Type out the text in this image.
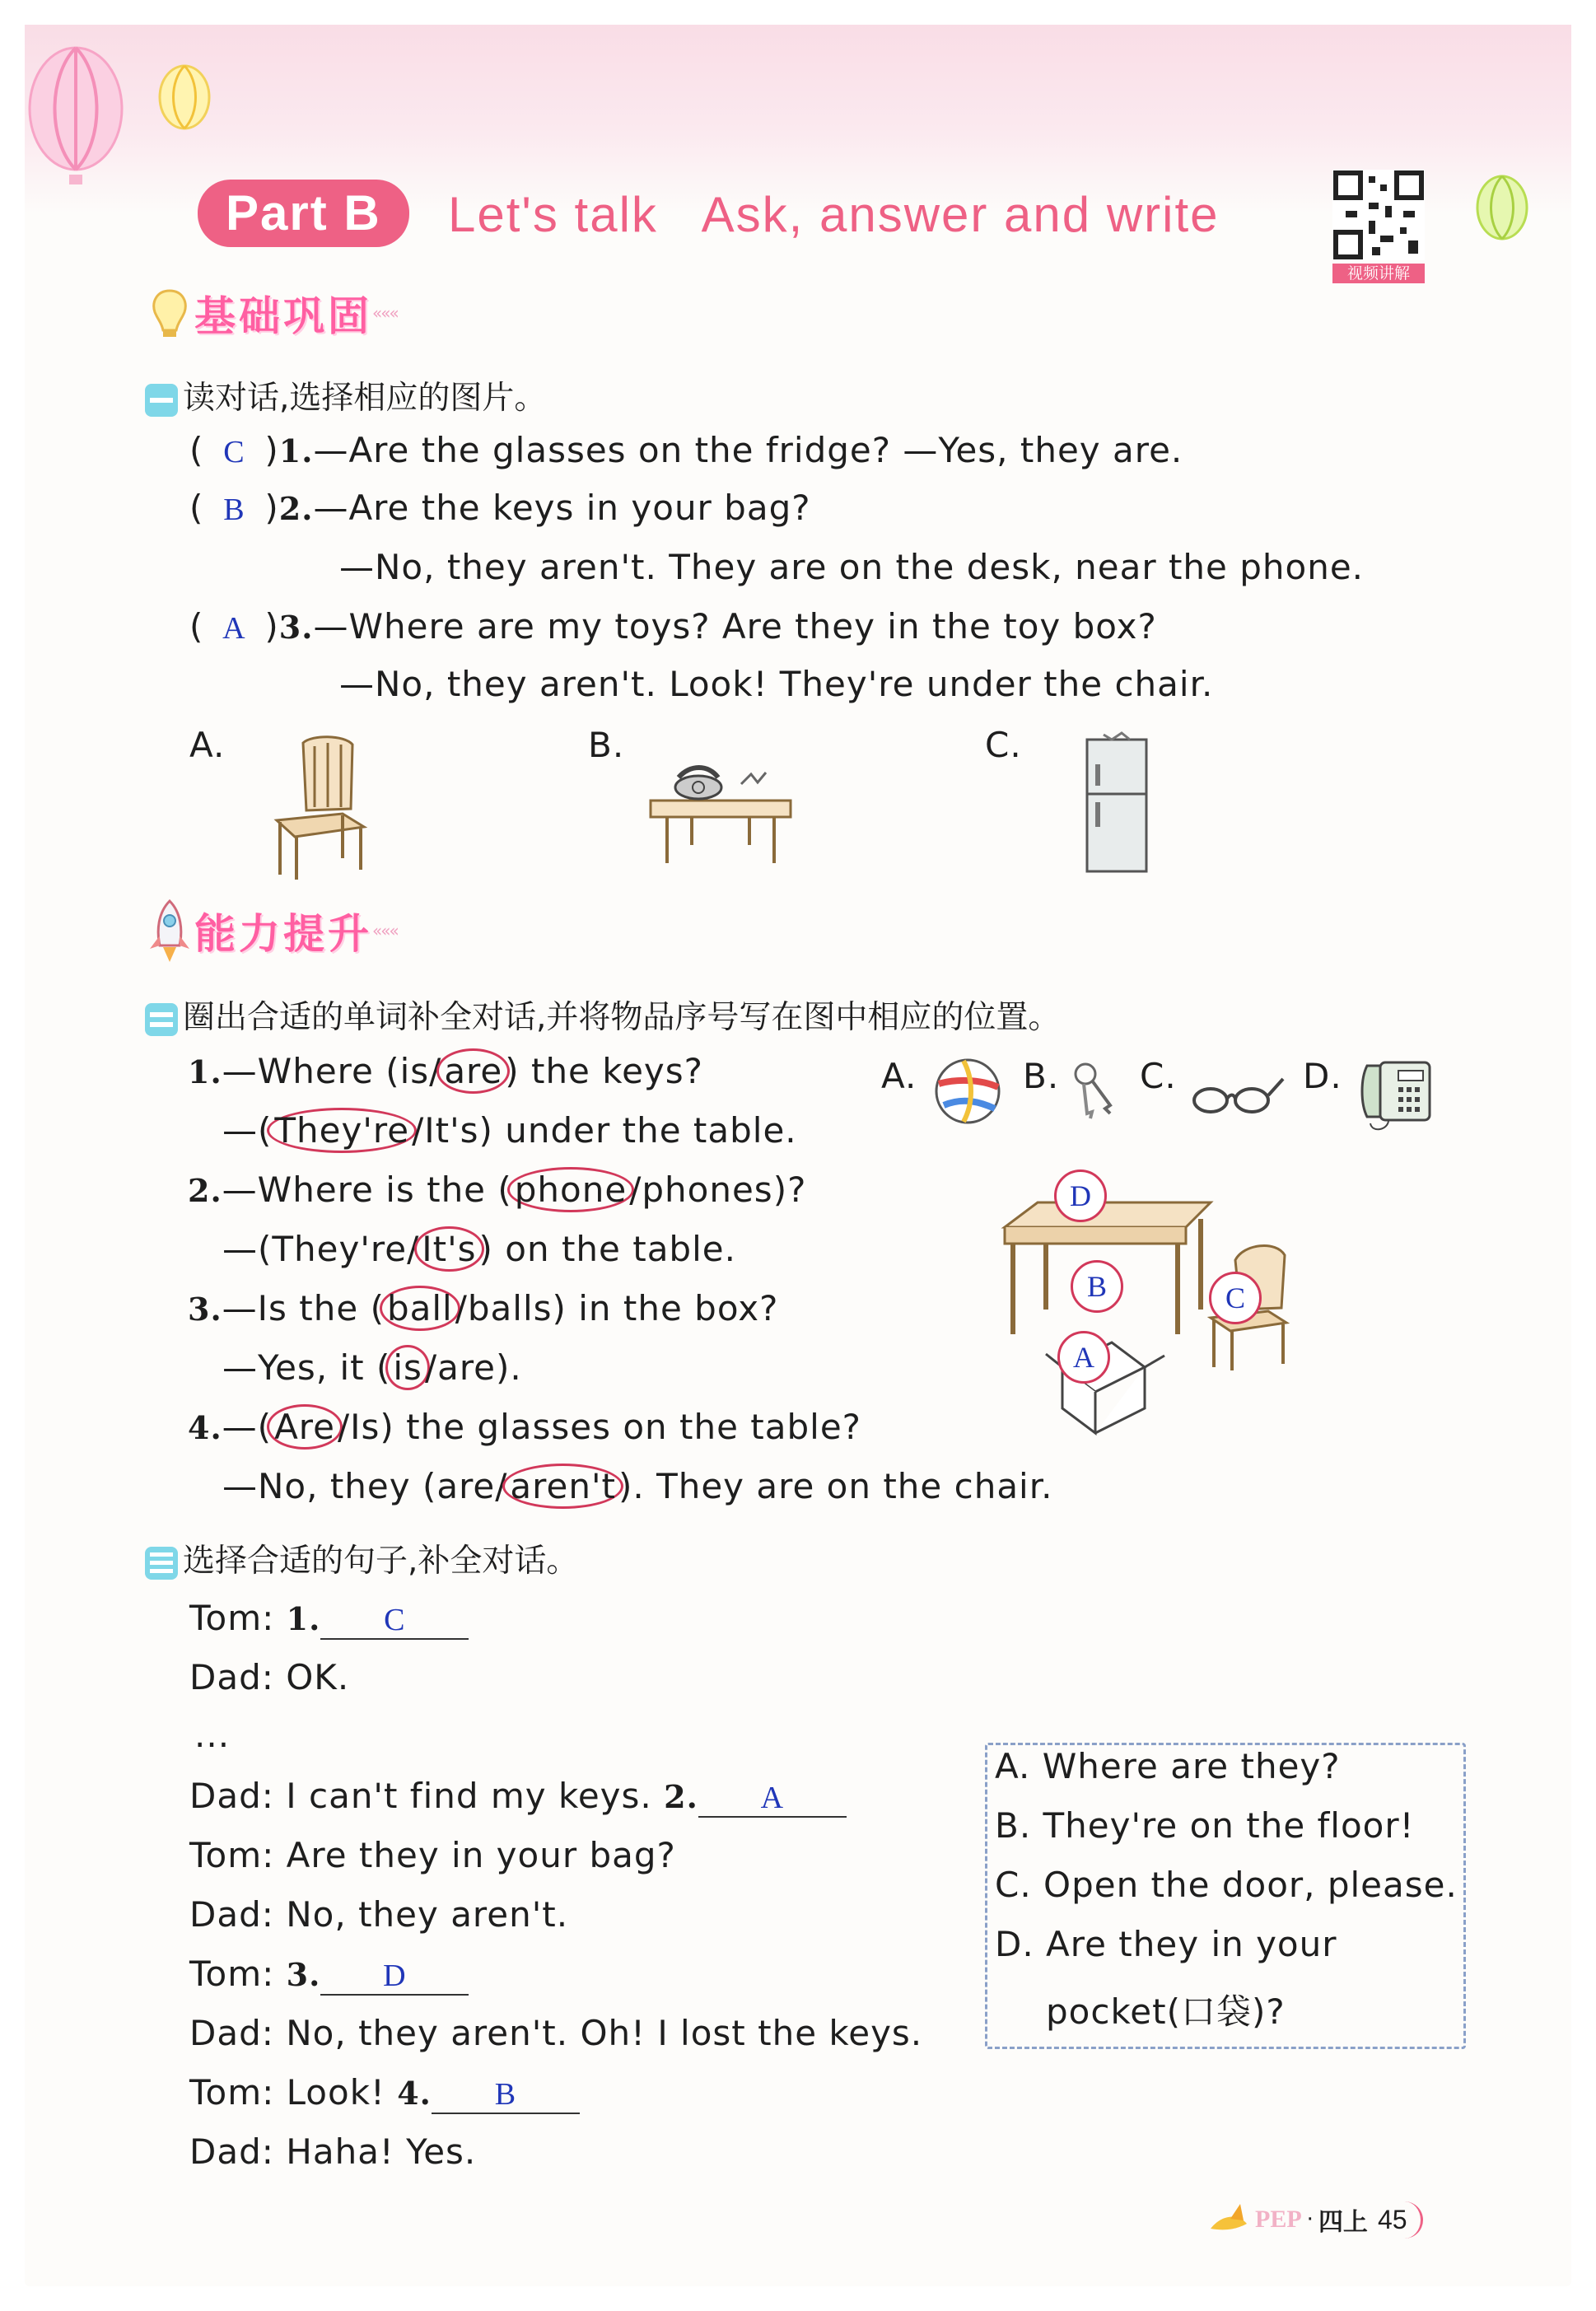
Part B	Let's talk   Ask, answer and write
视频讲解
基础巩固 «««
读对话,选择相应的图片。
( C )1.—Are the glasses on the fridge? —Yes, they are.
( B )2.—Are the keys in your bag?
—No, they aren't. They are on the desk, near the phone.
( A )3.—Where are my toys? Are they in the toy box?
—No, they aren't. Look! They're under the chair.
A.	B.	C.
能力提升 «««
圈出合适的单词补全对话,并将物品序号写在图中相应的位置。
1.—Where (is/are) the keys?
—(They're/It's) under the table.
2.—Where is the (phone/phones)?
—(They're/It's) on the table.
3.—Is the (ball/balls) in the box?
—Yes, it (is/are).
4.—(Are/Is) the glasses on the table?
—No, they (are/aren't). They are on the chair.
A.	B. C.	D.
D
B	C
A
选择合适的句子,补全对话。
Tom: 1. C
Dad: OK.
...
Dad: I can't find my keys. 2. A
Tom: Are they in your bag?
Dad: No, they aren't.
Tom: 3. D
Dad: No, they aren't. Oh! I lost the keys.
Tom: Look! 4. B
Dad: Haha! Yes.
A. Where are they?
B. They're on the floor!
C. Open the door, please.
D. Are they in your
pocket(口袋)?
PEP · 四上 45
